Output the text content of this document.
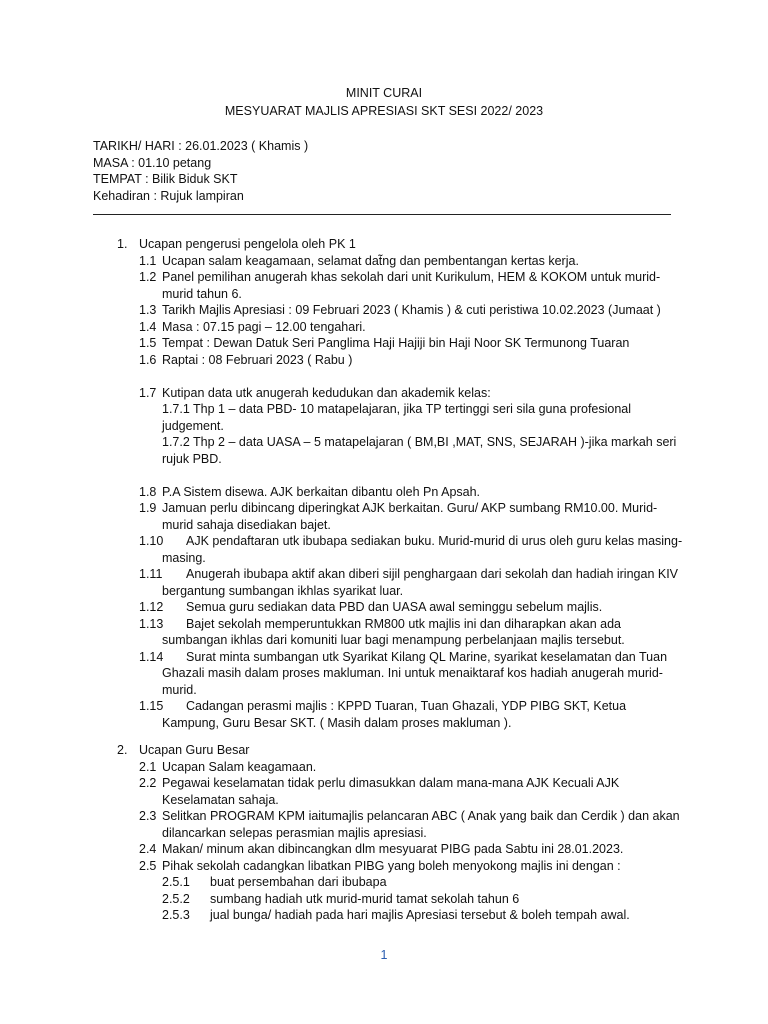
MINIT CURAI
MESYUARAT MAJLIS APRESIASI SKT SESI 2022/ 2023
TARIKH/ HARI : 26.01.2023 ( Khamis )
MASA : 01.10 petang
TEMPAT : Bilik Biduk SKT
Kehadiran : Rujuk lampiran
1. Ucapan pengerusi pengelola oleh PK 1
1.1 Ucapan salam keagamaan, selamat dat̃ng dan pembentangan kertas kerja.
1.2 Panel pemilihan anugerah khas sekolah dari unit Kurikulum, HEM & KOKOM untuk murid-murid tahun 6.
1.3 Tarikh Majlis Apresiasi : 09 Februari 2023 ( Khamis ) & cuti peristiwa 10.02.2023 (Jumaat )
1.4 Masa : 07.15 pagi – 12.00 tengahari.
1.5 Tempat : Dewan Datuk Seri Panglima Haji Hajiji bin Haji Noor SK Termunong Tuaran
1.6 Raptai : 08 Februari 2023 ( Rabu )
1.7 Kutipan data utk anugerah kedudukan dan akademik kelas:
1.7.1 Thp 1 – data PBD- 10 matapelajaran, jika TP tertinggi seri sila guna profesional judgement.
1.7.2 Thp 2 – data UASA – 5 matapelajaran ( BM,BI ,MAT, SNS, SEJARAH )-jika markah seri rujuk PBD.
1.8 P.A Sistem disewa. AJK berkaitan dibantu oleh Pn Apsah.
1.9 Jamuan perlu dibincang diperingkat AJK berkaitan. Guru/ AKP sumbang RM10.00. Murid-murid sahaja disediakan bajet.
1.10	AJK pendaftaran utk ibubapa sediakan buku. Murid-murid di urus oleh guru kelas masing-masing.
1.11	Anugerah ibubapa aktif akan diberi sijil penghargaan dari sekolah dan hadiah iringan KIV bergantung sumbangan ikhlas syarikat luar.
1.12	Semua guru sediakan data PBD dan UASA awal seminggu sebelum majlis.
1.13	Bajet sekolah memperuntukkan RM800 utk majlis ini dan diharapkan akan ada sumbangan ikhlas dari komuniti luar bagi menampung perbelanjaan majlis tersebut.
1.14	Surat minta sumbangan utk Syarikat Kilang QL Marine, syarikat keselamatan dan Tuan Ghazali masih dalam proses makluman. Ini untuk menaiktaraf kos hadiah anugerah murid-murid.
1.15	Cadangan perasmi majlis : KPPD Tuaran, Tuan Ghazali, YDP PIBG SKT, Ketua Kampung, Guru Besar SKT. ( Masih dalam proses makluman ).
2. Ucapan Guru Besar
2.1 Ucapan Salam keagamaan.
2.2 Pegawai keselamatan tidak perlu dimasukkan dalam mana-mana AJK Kecuali AJK Keselamatan sahaja.
2.3 Selitkan PROGRAM KPM iaitumajlis pelancaran ABC ( Anak yang baik dan Cerdik ) dan akan dilancarkan selepas perasmian majlis apresiasi.
2.4 Makan/ minum akan dibincangkan dlm mesyuarat PIBG pada Sabtu ini 28.01.2023.
2.5 Pihak sekolah cadangkan libatkan PIBG yang boleh menyokong majlis ini dengan :
2.5.1 buat persembahan dari ibubapa
2.5.2 sumbang hadiah utk murid-murid tamat sekolah tahun 6
2.5.3 jual bunga/ hadiah pada hari majlis Apresiasi tersebut & boleh tempah awal.
1
